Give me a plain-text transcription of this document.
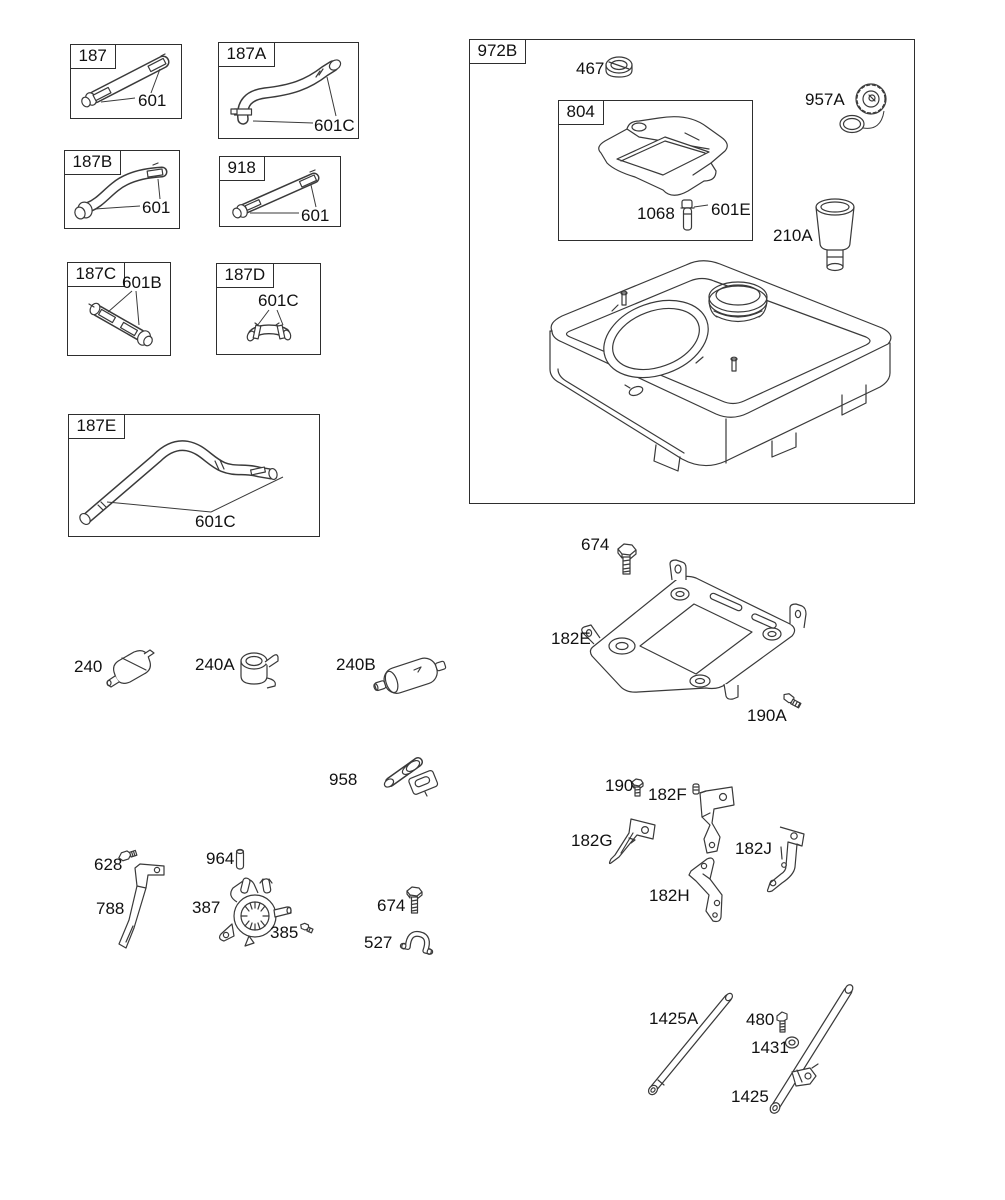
187
601
187A
601C
187B
601
918
601
187C 601B	187D
601C
187E
601C
972B
467
957A
210A
804
1068 601E
674
182E
190A
240	240A	240B
958
628
788
964
387
385
674
527
190 182F
182G	182J
182H
1425A	480
1431
1425
